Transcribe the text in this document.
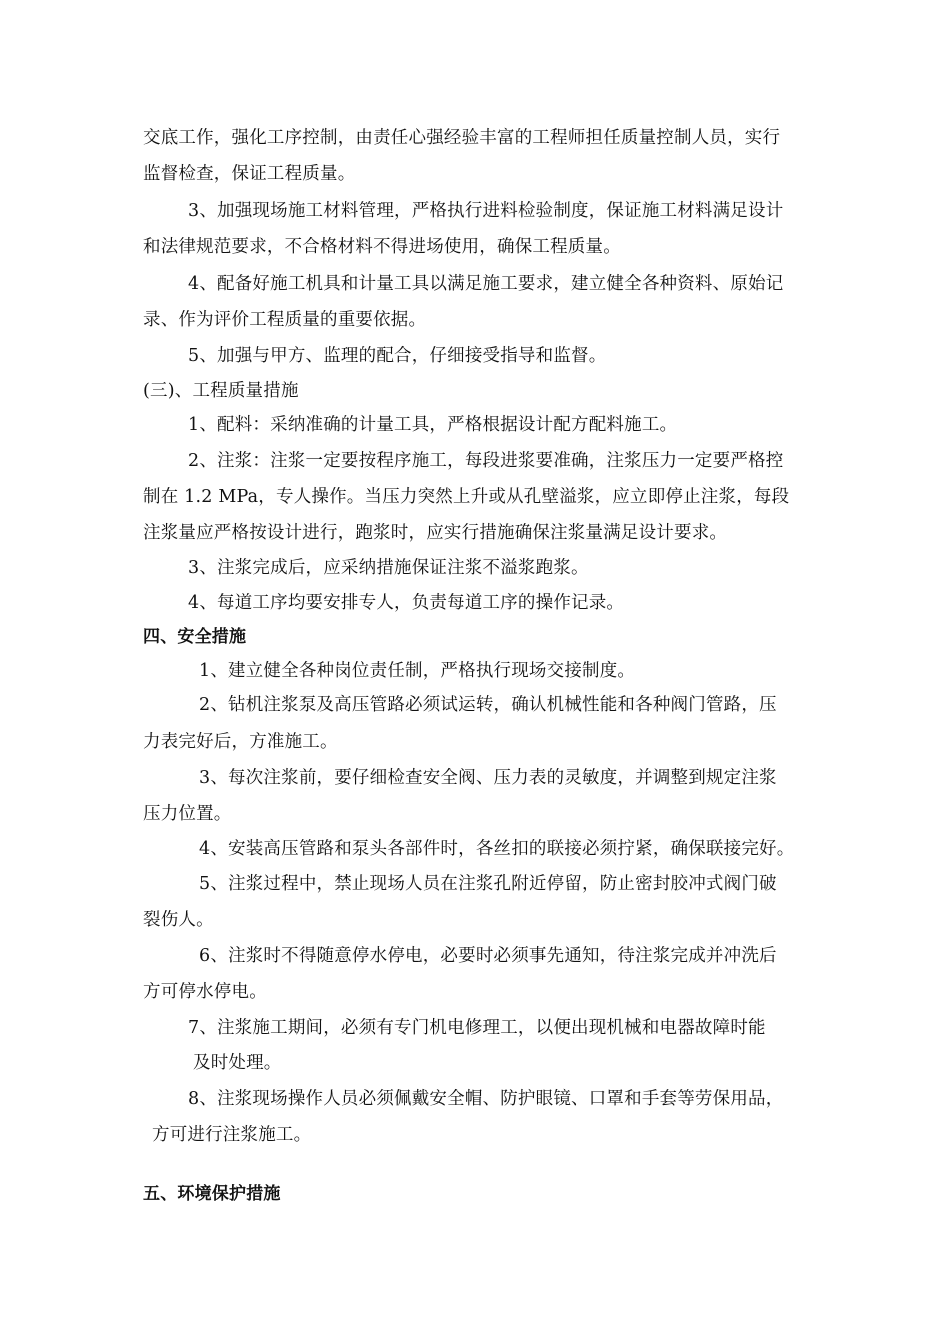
交底工作，强化工序控制，由责任心强经验丰富的工程师担任质量控制人员，实行
监督检查，保证工程质量。
3、加强现场施工材料管理，严格执行进料检验制度，保证施工材料满足设计
和法律规范要求，不合格材料不得进场使用，确保工程质量。
4、配备好施工机具和计量工具以满足施工要求，建立健全各种资料、原始记
录、作为评价工程质量的重要依据。
5、加强与甲方、监理的配合，仔细接受指导和监督。
(三)、工程质量措施
1、配料：采纳准确的计量工具，严格根据设计配方配料施工。
2、注浆：注浆一定要按程序施工，每段进浆要准确，注浆压力一定要严格控
制在 1.2 MPa，专人操作。当压力突然上升或从孔壁溢浆，应立即停止注浆，每段
注浆量应严格按设计进行，跑浆时，应实行措施确保注浆量满足设计要求。
3、注浆完成后，应采纳措施保证注浆不溢浆跑浆。
4、每道工序均要安排专人，负责每道工序的操作记录。
四、安全措施
1、建立健全各种岗位责任制，严格执行现场交接制度。
2、钻机注浆泵及高压管路必须试运转，确认机械性能和各种阀门管路，压
力表完好后，方准施工。
3、每次注浆前，要仔细检查安全阀、压力表的灵敏度，并调整到规定注浆
压力位置。
4、安装高压管路和泵头各部件时，各丝扣的联接必须拧紧，确保联接完好。
5、注浆过程中，禁止现场人员在注浆孔附近停留，防止密封胶冲式阀门破
裂伤人。
6、注浆时不得随意停水停电，必要时必须事先通知，待注浆完成并冲洗后
方可停水停电。
7、注浆施工期间，必须有专门机电修理工，以便出现机械和电器故障时能
及时处理。
8、注浆现场操作人员必须佩戴安全帽、防护眼镜、口罩和手套等劳保用品，
方可进行注浆施工。
五、环境保护措施
